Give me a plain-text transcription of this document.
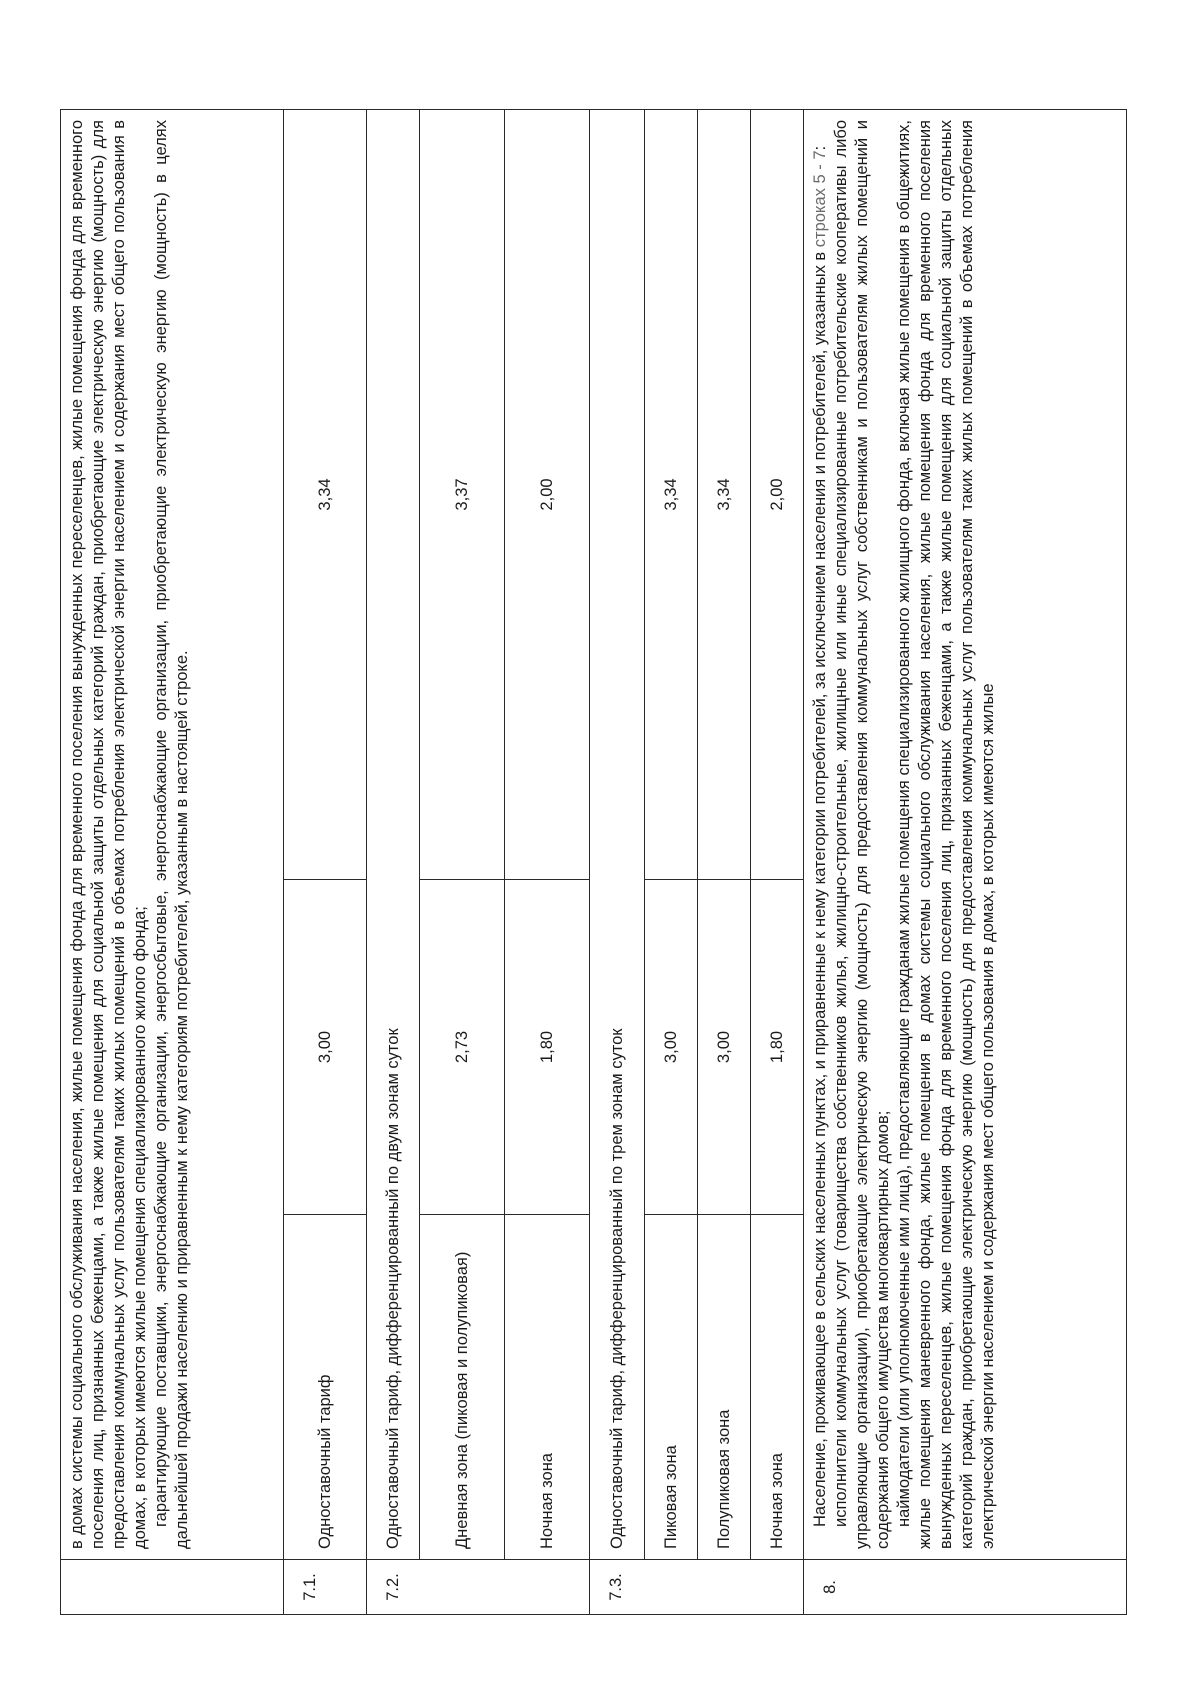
	в домах системы социального обслуживания населения, жилые помещения фонда для временного поселения вынужденных переселенцев, жилые помещения фонда для временного поселения лиц, признанных беженцами, а также жилые помещения для социальной защиты отдельных категорий граждан, приобретающие электрическую энергию (мощность) для предоставления коммунальных услуг пользователям таких жилых помещений в объемах потребления электрической энергии населением и содержания мест общего пользования в домах, в которых имеются жилые помещения специализированного жилого фонда; гарантирующие поставщики, энергоснабжающие организации, энергосбытовые, энергоснабжающие организации, приобретающие электрическую энергию (мощность) в целях дальнейшей продажи населению и приравненным к нему категориям потребителей, указанным в настоящей строке.		

7.1.	Одноставочный тариф	3,00	3,34
7.2.	Одноставочный тариф, дифференцированный по двум зонам суток		
	Дневная зона (пиковая и полупиковая)	2,73	3,37
	Ночная зона	1,80	2,00
7.3.	Одноставочный тариф, дифференцированный по трем зонам суток		
	Пиковая зона	3,00	3,34
	Полупиковая зона	3,00	3,34
	Ночная зона	1,80	2,00
8.	Население, проживающее в сельских населенных пунктах, и приравненные к нему категории потребителей, за исключением населения и потребителей, указанных в строках 5 - 7: исполнители коммунальных услуг (товарищества собственников жилья, жилищно-строительные, жилищные или иные специализированные потребительские кооперативы либо управляющие организации), приобретающие электрическую энергию (мощность) для предоставления коммунальных услуг собственникам и пользователям жилых помещений и содержания общего имущества многоквартирных домов; наймодатели (или уполномоченные ими лица), предоставляющие гражданам жилые помещения специализированного жилищного фонда, включая жилые помещения в общежитиях, жилые помещения маневренного фонда, жилые помещения в домах системы социального обслуживания населения, жилые помещения фонда для временного поселения вынужденных переселенцев, жилые помещения фонда для временного поселения лиц, признанных беженцами, а также жилые помещения для социальной защиты отдельных категорий граждан, приобретающие электрическую энергию (мощность) для предоставления коммунальных услуг пользователям таких жилых помещений в объемах потребления электрической энергии населением и содержания мест общего пользования в домах, в которых имеются жилые		
